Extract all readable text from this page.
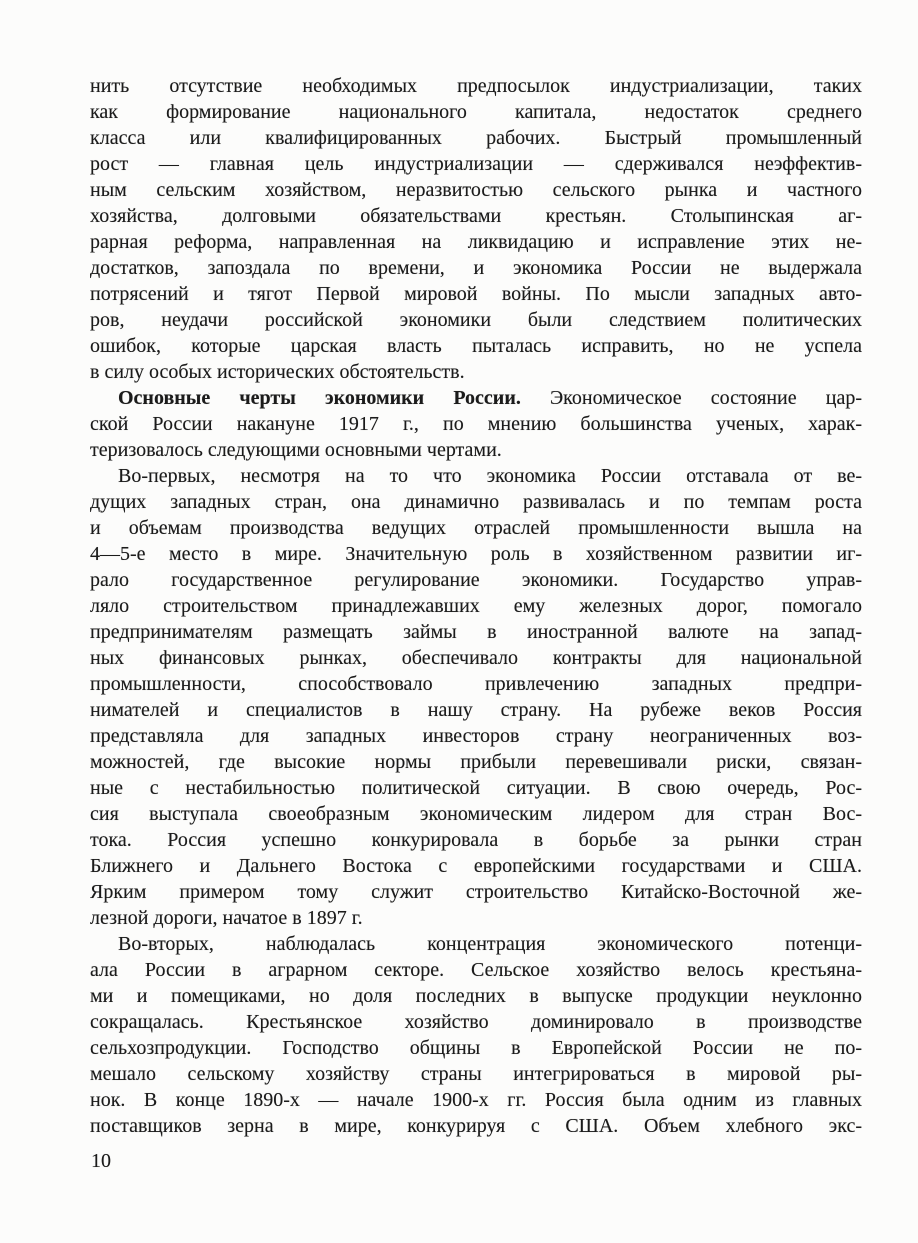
нить отсутствие необходимых предпосылок индустриализации, таких
как формирование национального капитала, недостаток среднего
класса или квалифицированных рабочих. Быстрый промышленный
рост — главная цель индустриализации — сдерживался неэффектив-
ным сельским хозяйством, неразвитостью сельского рынка и частного
хозяйства, долговыми обязательствами крестьян. Столыпинская аг-
рарная реформа, направленная на ликвидацию и исправление этих не-
достатков, запоздала по времени, и экономика России не выдержала
потрясений и тягот Первой мировой войны. По мысли западных авто-
ров, неудачи российской экономики были следствием политических
ошибок, которые царская власть пыталась исправить, но не успела
в силу особых исторических обстоятельств.
Основные черты экономики России. Экономическое состояние цар-
ской России накануне 1917 г., по мнению большинства ученых, харак-
теризовалось следующими основными чертами.
Во-первых, несмотря на то что экономика России отставала от ве-
дущих западных стран, она динамично развивалась и по темпам роста
и объемам производства ведущих отраслей промышленности вышла на
4—5-е место в мире. Значительную роль в хозяйственном развитии иг-
рало государственное регулирование экономики. Государство управ-
ляло строительством принадлежавших ему железных дорог, помогало
предпринимателям размещать займы в иностранной валюте на запад-
ных финансовых рынках, обеспечивало контракты для национальной
промышленности, способствовало привлечению западных предпри-
нимателей и специалистов в нашу страну. На рубеже веков Россия
представляла для западных инвесторов страну неограниченных воз-
можностей, где высокие нормы прибыли перевешивали риски, связан-
ные с нестабильностью политической ситуации. В свою очередь, Рос-
сия выступала своеобразным экономическим лидером для стран Вос-
тока. Россия успешно конкурировала в борьбе за рынки стран
Ближнего и Дальнего Востока с европейскими государствами и США.
Ярким примером тому служит строительство Китайско-Восточной же-
лезной дороги, начатое в 1897 г.
Во-вторых, наблюдалась концентрация экономического потенци-
ала России в аграрном секторе. Сельское хозяйство велось крестьяна-
ми и помещиками, но доля последних в выпуске продукции неуклонно
сокращалась. Крестьянское хозяйство доминировало в производстве
сельхозпродукции. Господство общины в Европейской России не по-
мешало сельскому хозяйству страны интегрироваться в мировой ры-
нок. В конце 1890-х — начале 1900-х гг. Россия была одним из главных
поставщиков зерна в мире, конкурируя с США. Объем хлебного экс-
10
